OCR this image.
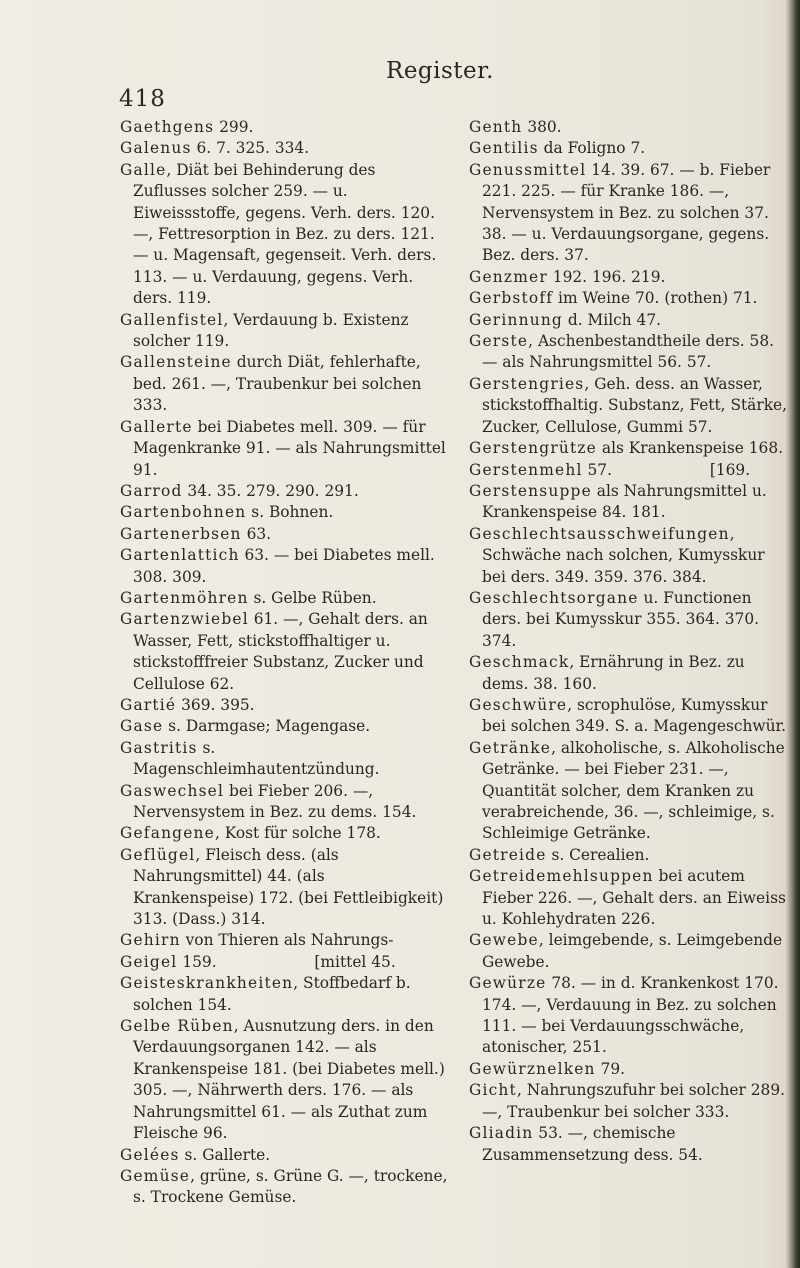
418
Register.

Gaethgens 299.

Galenus 6. 7. 325. 334.

Galle, Diät bei Behinderung des Zuflusses solcher 259. — u. Eiweissstoffe, gegens. Verh. ders. 120. —, Fettresorption in Bez. zu ders. 121. — u. Magensaft, gegenseit. Verh. ders. 113. — u. Verdauung, gegens. Verh. ders. 119.

Gallenfistel, Verdauung b. Existenz solcher 119.

Gallensteine durch Diät, fehlerhafte, bed. 261. —, Traubenkur bei solchen 333.

Gallerte bei Diabetes mell. 309. — für Magenkranke 91. — als Nahrungsmittel 91.

Garrod 34. 35. 279. 290. 291.

Gartenbohnen s. Bohnen.

Gartenerbsen 63.

Gartenlattich 63. — bei Diabetes mell. 308. 309.

Gartenmöhren s. Gelbe Rüben.

Gartenzwiebel 61. —, Gehalt ders. an Wasser, Fett, stickstoffhaltiger u. stickstofffreier Substanz, Zucker und Cellulose 62.

Gartié 369. 395.

Gase s. Darmgase; Magengase.

Gastritis s. Magenschleimhautentzündung.

Gaswechsel bei Fieber 206. —, Nervensystem in Bez. zu dems. 154.

Gefangene, Kost für solche 178.

Geflügel, Fleisch dess. (als Nahrungsmittel) 44. (als Krankenspeise) 172. (bei Fettleibigkeit) 313. (Dass.) 314.

Gehirn von Thieren als Nahrungs-

Geigel 159.                    [mittel 45.

Geisteskrankheiten, Stoffbedarf b. solchen 154.

Gelbe Rüben, Ausnutzung ders. in den Verdauungsorganen 142. — als Krankenspeise 181. (bei Diabetes mell.) 305. —, Nährwerth ders. 176. — als Nahrungsmittel 61. — als Zuthat zum Fleische 96.

Gelées s. Gallerte.

Gemüse, grüne, s. Grüne G. —, trockene, s. Trockene Gemüse.

Genth 380.

Gentilis da Foligno 7.

Genussmittel 14. 39. 67. — b. Fieber 221. 225. — für Kranke 186. —, Nervensystem in Bez. zu solchen 37. 38. — u. Verdauungsorgane, gegens. Bez. ders. 37.

Genzmer 192. 196. 219.

Gerbstoff im Weine 70. (rothen) 71.

Gerinnung d. Milch 47.

Gerste, Aschenbestandtheile ders. 58. — als Nahrungsmittel 56. 57.

Gerstengries, Geh. dess. an Wasser, stickstoffhaltig. Substanz, Fett, Stärke, Zucker, Cellulose, Gummi 57.

Gerstengrütze als Krankenspeise 168.

Gerstenmehl 57.                    [169.

Gerstensuppe als Nahrungsmittel u. Krankenspeise 84. 181.

Geschlechtsausschweifungen, Schwäche nach solchen, Kumysskur bei ders. 349. 359. 376. 384.

Geschlechtsorgane u. Functionen ders. bei Kumysskur 355. 364. 370. 374.

Geschmack, Ernährung in Bez. zu dems. 38. 160.

Geschwüre, scrophulöse, Kumysskur bei solchen 349. S. a. Magengeschwür.

Getränke, alkoholische, s. Alkoholische Getränke. — bei Fieber 231. —, Quantität solcher, dem Kranken zu verabreichende, 36. —, schleimige, s. Schleimige Getränke.

Getreide s. Cerealien.

Getreidemehlsuppen bei acutem Fieber 226. —, Gehalt ders. an Eiweiss u. Kohlehydraten 226.

Gewebe, leimgebende, s. Leimgebende Gewebe.

Gewürze 78. — in d. Krankenkost 170. 174. —, Verdauung in Bez. zu solchen 111. — bei Verdauungsschwäche, atonischer, 251.

Gewürznelken 79.

Gicht, Nahrungszufuhr bei solcher 289. —, Traubenkur bei solcher 333.

Gliadin 53. —, chemische Zusammensetzung dess. 54.
